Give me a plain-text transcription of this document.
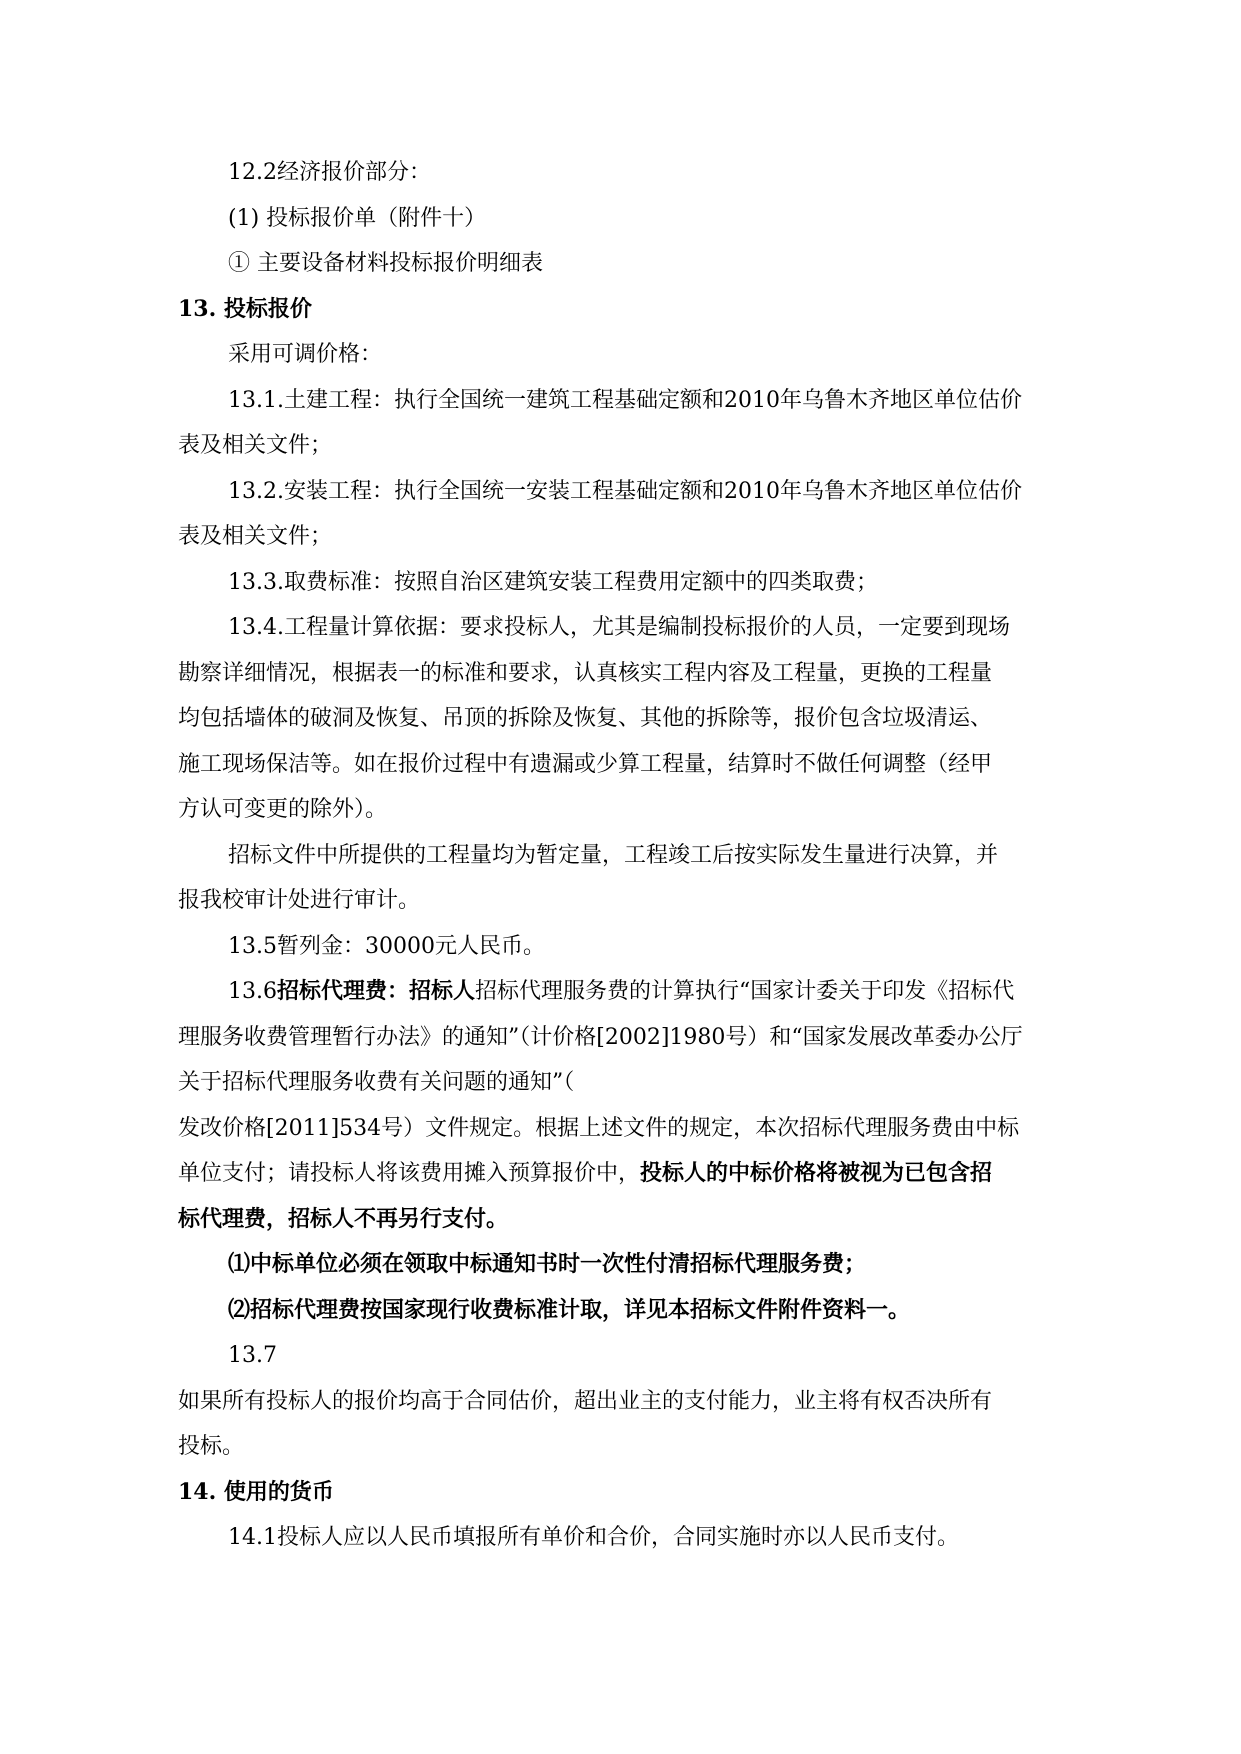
12.2经济报价部分：
(1) 投标报价单（附件十）
① 主要设备材料投标报价明细表
13. 投标报价
采用可调价格：
13.1.土建工程：执行全国统一建筑工程基础定额和2010年乌鲁木齐地区单位估价
表及相关文件；
13.2.安装工程：执行全国统一安装工程基础定额和2010年乌鲁木齐地区单位估价
表及相关文件；
13.3.取费标准：按照自治区建筑安装工程费用定额中的四类取费；
13.4.工程量计算依据：要求投标人，尤其是编制投标报价的人员，一定要到现场
勘察详细情况，根据表一的标准和要求，认真核实工程内容及工程量，更换的工程量
均包括墙体的破洞及恢复、吊顶的拆除及恢复、其他的拆除等，报价包含垃圾清运、
施工现场保洁等。如在报价过程中有遗漏或少算工程量，结算时不做任何调整（经甲
方认可变更的除外）。
招标文件中所提供的工程量均为暂定量，工程竣工后按实际发生量进行决算，并
报我校审计处进行审计。
13.5暂列金：30000元人民币。
13.6招标代理费：招标人招标代理服务费的计算执行“国家计委关于印发《招标代
理服务收费管理暂行办法》的通知”（计价格[2002]1980号）和“国家发展改革委办公厅
关于招标代理服务收费有关问题的通知”（
发改价格[2011]534号）文件规定。根据上述文件的规定，本次招标代理服务费由中标
单位支付；请投标人将该费用摊入预算报价中，投标人的中标价格将被视为已包含招
标代理费，招标人不再另行支付。
⑴中标单位必须在领取中标通知书时一次性付清招标代理服务费；
⑵招标代理费按国家现行收费标准计取，详见本招标文件附件资料一。
13.7
如果所有投标人的报价均高于合同估价，超出业主的支付能力，业主将有权否决所有
投标。
14. 使用的货币
14.1投标人应以人民币填报所有单价和合价，合同实施时亦以人民币支付。
